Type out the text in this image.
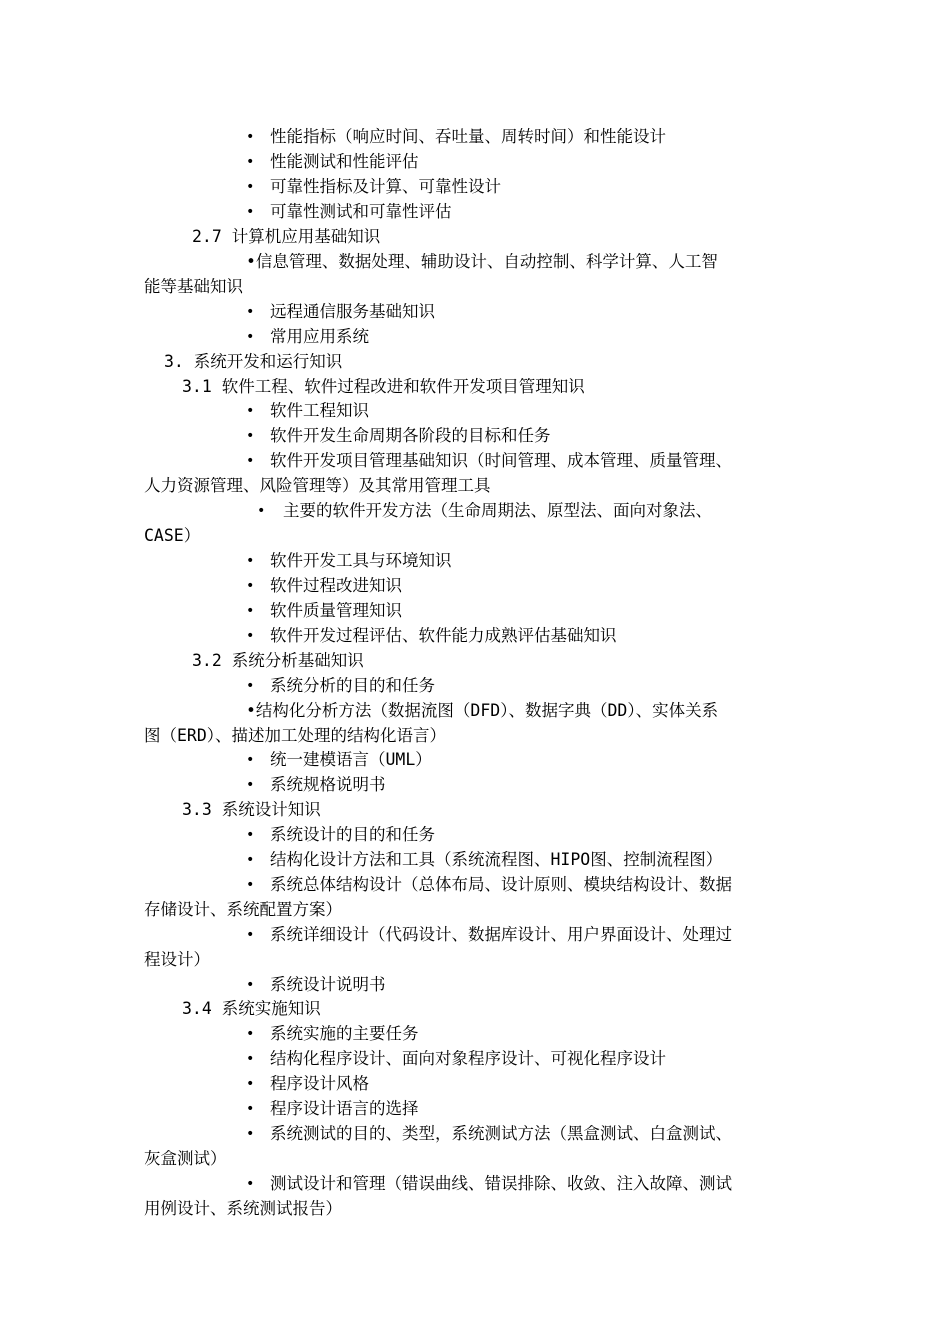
• 性能指标（响应时间、吞吐量、周转时间）和性能设计
• 性能测试和性能评估
• 可靠性指标及计算、可靠性设计
• 可靠性测试和可靠性评估
2.7 计算机应用基础知识
•信息管理、数据处理、辅助设计、自动控制、科学计算、人工智
能等基础知识
• 远程通信服务基础知识
• 常用应用系统
3. 系统开发和运行知识
3.1 软件工程、软件过程改进和软件开发项目管理知识
• 软件工程知识
• 软件开发生命周期各阶段的目标和任务
• 软件开发项目管理基础知识（时间管理、成本管理、质量管理、
人力资源管理、风险管理等）及其常用管理工具
• 主要的软件开发方法（生命周期法、原型法、面向对象法、
CASE）
• 软件开发工具与环境知识
• 软件过程改进知识
• 软件质量管理知识
• 软件开发过程评估、软件能力成熟评估基础知识
3.2 系统分析基础知识
• 系统分析的目的和任务
•结构化分析方法（数据流图（DFD）、数据字典（DD）、实体关系
图（ERD）、描述加工处理的结构化语言）
• 统一建模语言（UML）
• 系统规格说明书
3.3 系统设计知识
• 系统设计的目的和任务
• 结构化设计方法和工具（系统流程图、HIPO图、控制流程图）
• 系统总体结构设计（总体布局、设计原则、模块结构设计、数据
存储设计、系统配置方案）
• 系统详细设计（代码设计、数据库设计、用户界面设计、处理过
程设计）
• 系统设计说明书
3.4 系统实施知识
• 系统实施的主要任务
• 结构化程序设计、面向对象程序设计、可视化程序设计
• 程序设计风格
• 程序设计语言的选择
• 系统测试的目的、类型，系统测试方法（黑盒测试、白盒测试、
灰盒测试）
• 测试设计和管理（错误曲线、错误排除、收敛、注入故障、测试
用例设计、系统测试报告）
